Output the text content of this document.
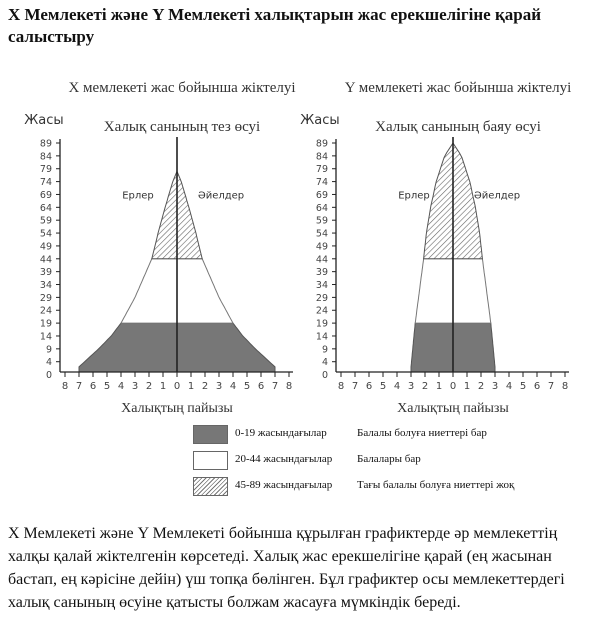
X Мемлекеті және Y Мемлекеті халықтарын жас ерекшелігіне қарай салыстыру
X мемлекеті жас бойынша жіктелуі
Халық санының тез өсуі
Жасы
Ерлер	Әйелдер
0
4
9
14
19
24
29
34
39
44
49
54
59
64
69
74
79
84
89
8 7 6 5 4 3 2 1 0 1 2 3 4 5 6 7 8
Халықтың пайызы
Y мемлекеті жас бойынша жіктелуі
Халық санының баяу өсуі
Жасы
Ерлер	Әйелдер
0
4
9
14
19
24
29
34
39
44
49
54
59
64
69
74
79
84
89
8 7 6 5 4 3 2 1 0 1 2 3 4 5 6 7 8
Халықтың пайызы
0-19 жасындағылар	Балалы болуға ниеттері бар
20-44 жасындағылар Балалары бар
45-89 жасындағылар Тағы балалы болуға ниеттері жоқ
X Мемлекеті және Y Мемлекеті бойынша құрылған графиктерде әр мемлекеттің халқы қалай жіктелгенін көрсетеді. Халық жас ерекшелігіне қарай (ең жасынан бастап, ең кәрісіне дейін) үш топқа бөлінген. Бұл графиктер осы мемлекеттердегі халық санының өсуіне қатысты болжам жасауға мүмкіндік береді.
